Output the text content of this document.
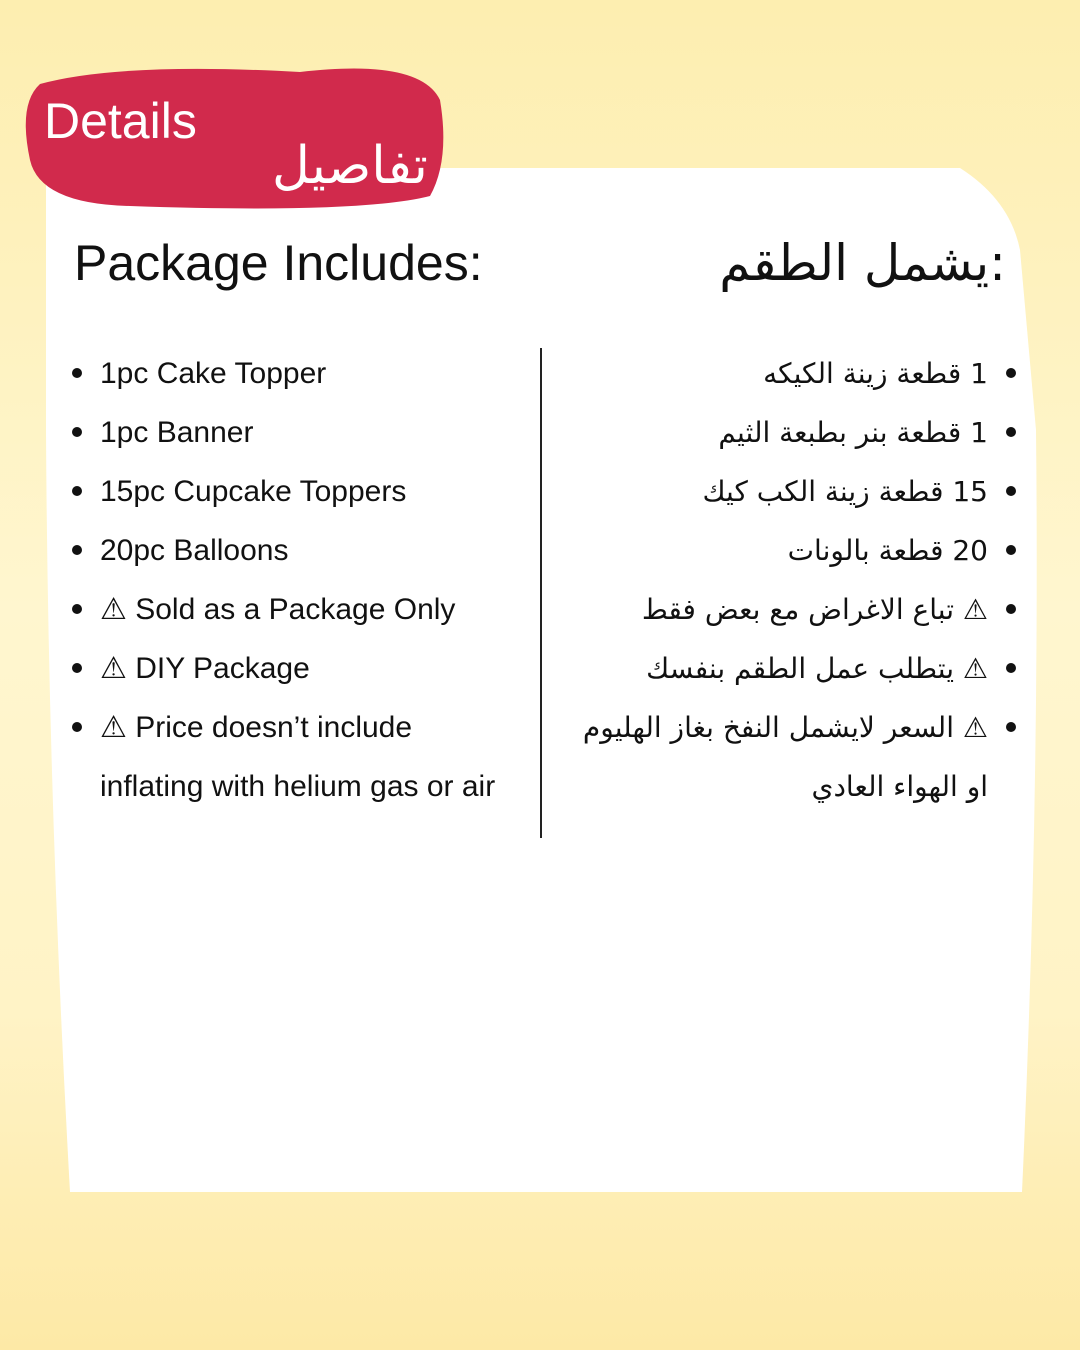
Details
تفاصيل
Package Includes:	:يشمل الطقم
1pc Cake Topper
1pc Banner
15pc Cupcake Toppers
20pc Balloons
⚠ Sold as a Package Only
⚠ DIY Package
⚠ Price doesn’t include inflating with helium gas or air
1 قطعة زينة الكيكه
1 قطعة بنر بطبعة الثيم
15 قطعة زينة الكب كيك
20 قطعة بالونات
⚠ تباع الاغراض مع بعض فقط
⚠ يتطلب عمل الطقم بنفسك
⚠ السعر لايشمل النفخ بغاز الهليوم او الهواء العادي
